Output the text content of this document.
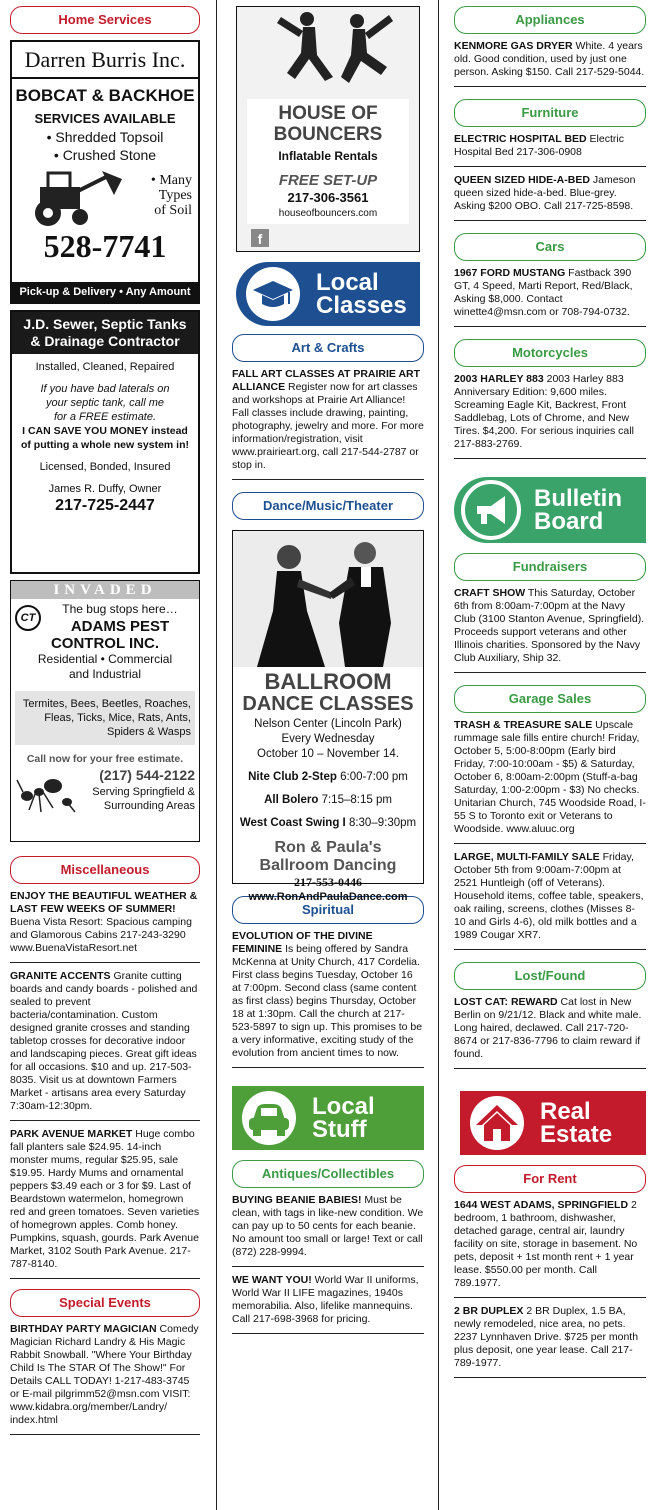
Home Services
Darren Burris Inc.
BOBCAT & BACKHOE
SERVICES AVAILABLE
• Shredded Topsoil
• Crushed Stone
• Many
Types
of Soil
528-7741
Pick-up & Delivery • Any Amount
J.D. Sewer, Septic Tanks
& Drainage Contractor
Installed, Cleaned, Repaired
If you have bad laterals on
your septic tank, call me
for a FREE estimate.
I CAN SAVE YOU MONEY instead
of putting a whole new system in!
Licensed, Bonded, Insured
James R. Duffy, Owner
217-725-2447
INVADED
CT
The bug stops here…
ADAMS PEST
CONTROL INC.
Residential • Commercial
and Industrial
Termites, Bees, Beetles, Roaches, Fleas, Ticks, Mice, Rats, Ants, Spiders & Wasps
Call now for your free estimate.
(217) 544-2122
Serving Springfield &
Surrounding Areas
Miscellaneous
ENJOY THE BEAUTIFUL WEATHER & LAST FEW WEEKS OF SUMMER! Buena Vista Resort: Spacious camping and Glamorous Cabins 217-243-3290 www.BuenaVistaResort.net
GRANITE ACCENTS Granite cutting boards and candy boards - polished and sealed to prevent bacteria/contamination. Custom designed granite crosses and standing tabletop crosses for decorative indoor and landscaping pieces. Great gift ideas for all occasions. $10 and up. 217-503-8035. Visit us at downtown Farmers Market - artisans area every Saturday 7:30am-12:30pm.
PARK AVENUE MARKET Huge combo fall planters sale $24.95. 14-inch monster mums, regular $25.95, sale $19.95. Hardy Mums and ornamental peppers $3.49 each or 3 for $9. Last of Beardstown watermelon, homegrown red and green tomatoes. Seven varieties of homegrown apples. Comb honey. Pumpkins, squash, gourds. Park Avenue Market, 3102 South Park Avenue. 217-787-8140.
Special Events
BIRTHDAY PARTY MAGICIAN Comedy Magician Richard Landry & His Magic Rabbit Snowball. "Where Your Birthday Child Is The STAR Of The Show!" For Details CALL TODAY! 1-217-483-3745 or E-mail pilgrimm52@msn.com VISIT: www.kidabra.org/member/Landry/ index.html
HOUSE OF
BOUNCERS
Inflatable Rentals
FREE SET-UP
217-306-3561
houseofbouncers.com
f
Local
Classes
Art & Crafts
FALL ART CLASSES AT PRAIRIE ART ALLIANCE Register now for art classes and workshops at Prairie Art Alliance! Fall classes include drawing, painting, photography, jewelry and more. For more information/registration, visit www.prairieart.org, call 217-544-2787 or stop in.
Dance/Music/Theater
BALLROOM
DANCE CLASSES
Nelson Center (Lincoln Park)
Every Wednesday
October 10 – November 14.
Nite Club 2-Step 6:00-7:00 pm
All Bolero 7:15–8:15 pm
West Coast Swing I 8:30–9:30pm
Ron & Paula's
Ballroom Dancing
217-553-0446
www.RonAndPaulaDance.com
Spiritual
EVOLUTION OF THE DIVINE FEMININE Is being offered by Sandra McKenna at Unity Church, 417 Cordelia. First class begins Tuesday, October 16 at 7:00pm. Second class (same content as first class) begins Thursday, October 18 at 1:30pm. Call the church at 217-523-5897 to sign up. This promises to be a very informative, exciting study of the evolution from ancient times to now.
Local
Stuff
Antiques/Collectibles
BUYING BEANIE BABIES! Must be clean, with tags in like-new condition. We can pay up to 50 cents for each beanie. No amount too small or large! Text or call (872) 228-9994.
WE WANT YOU! World War II uniforms, World War II LIFE magazines, 1940s memorabilia. Also, lifelike mannequins. Call 217-698-3968 for pricing.
Appliances
KENMORE GAS DRYER White. 4 years old. Good condition, used by just one person. Asking $150. Call 217-529-5044.
Furniture
ELECTRIC HOSPITAL BED Electric Hospital Bed 217-306-0908
QUEEN SIZED HIDE-A-BED Jameson queen sized hide-a-bed. Blue-grey. Asking $200 OBO. Call 217-725-8598.
Cars
1967 FORD MUSTANG Fastback 390 GT, 4 Speed, Marti Report, Red/Black, Asking $8,000. Contact winette4@msn.com or 708-794-0732.
Motorcycles
2003 HARLEY 883 2003 Harley 883 Anniversary Edition: 9,600 miles. Screaming Eagle Kit, Backrest, Front Saddlebag, Lots of Chrome, and New Tires. $4,200. For serious inquiries call 217-883-2769.
Bulletin
Board
Fundraisers
CRAFT SHOW This Saturday, October 6th from 8:00am-7:00pm at the Navy Club (3100 Stanton Avenue, Springfield). Proceeds support veterans and other Illinois charities. Sponsored by the Navy Club Auxiliary, Ship 32.
Garage Sales
TRASH & TREASURE SALE Upscale rummage sale fills entire church! Friday, October 5, 5:00-8:00pm (Early bird Friday, 7:00-10:00am - $5) & Saturday, October 6, 8:00am-2:00pm (Stuff-a-bag Saturday, 1:00-2:00pm - $3) No checks. Unitarian Church, 745 Woodside Road, I-55 S to Toronto exit or Veterans to Woodside. www.aluuc.org
LARGE, MULTI-FAMILY SALE Friday, October 5th from 9:00am-7:00pm at 2521 Huntleigh (off of Veterans). Household items, coffee table, speakers, oak railing, screens, clothes (Misses 8-10 and Girls 4-6), old milk bottles and a 1989 Cougar XR7.
Lost/Found
LOST CAT: REWARD Cat lost in New Berlin on 9/21/12. Black and white male. Long haired, declawed. Call 217-720-8674 or 217-836-7796 to claim reward if found.
Real
Estate
For Rent
1644 WEST ADAMS, SPRINGFIELD 2 bedroom, 1 bathroom, dishwasher, detached garage, central air, laundry facility on site, storage in basement. No pets, deposit + 1st month rent + 1 year lease. $550.00 per month. Call 789.1977.
2 BR DUPLEX 2 BR Duplex, 1.5 BA, newly remodeled, nice area, no pets. 2237 Lynnhaven Drive. $725 per month plus deposit, one year lease. Call 217-789-1977.
